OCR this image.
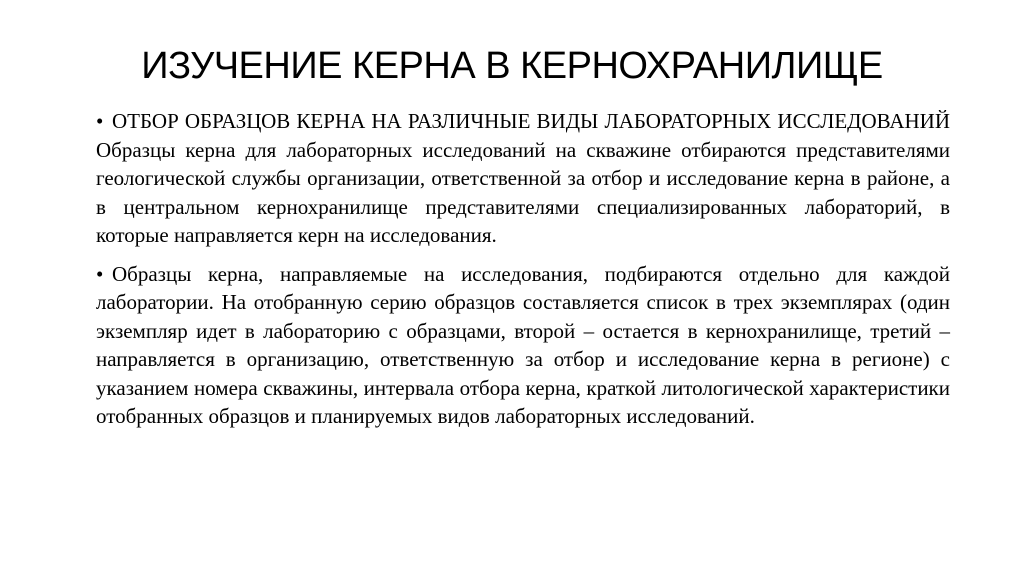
ИЗУЧЕНИЕ КЕРНА В КЕРНОХРАНИЛИЩЕ

• ОТБОР ОБРАЗЦОВ КЕРНА НА РАЗЛИЧНЫЕ ВИДЫ ЛАБОРАТОРНЫХ ИССЛЕДОВАНИЙ Образцы керна для лабораторных исследований на скважине отбираются представителями геологической службы организации, ответственной за отбор и исследование керна в районе, а в центральном кернохранилище представителями специализированных лабораторий, в которые направляется керн на исследования.

• Образцы керна, направляемые на исследования, подбираются отдельно для каждой лаборатории. На отобранную серию образцов составляется список в трех экземплярах (один экземпляр идет в лабораторию с образцами, второй – остается в кернохранилище, третий – направляется в организацию, ответственную за отбор и исследование керна в регионе) с указанием номера скважины, интервала отбора керна, краткой литологической характеристики отобранных образцов и планируемых видов лабораторных исследований.
